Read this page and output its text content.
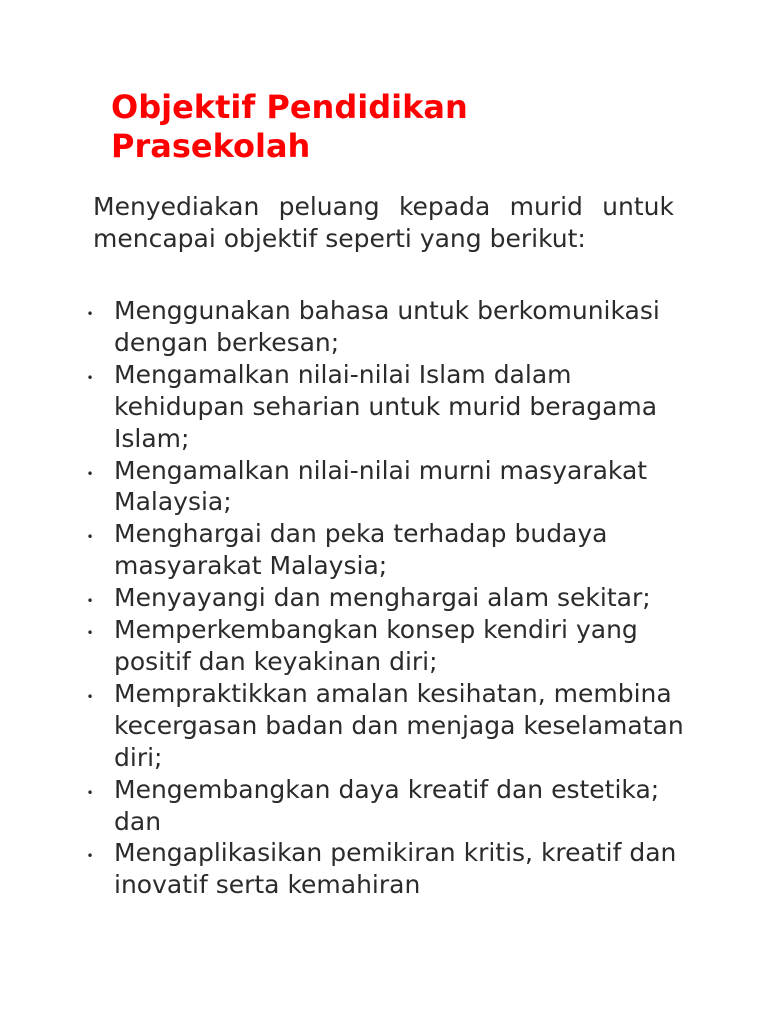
Objektif Pendidikan Prasekolah

Menyediakan peluang kepada murid untuk mencapai objektif seperti yang berikut:

• Menggunakan bahasa untuk berkomunikasi dengan berkesan;
• Mengamalkan nilai-nilai Islam dalam kehidupan seharian untuk murid beragama Islam;
• Mengamalkan nilai-nilai murni masyarakat Malaysia;
• Menghargai dan peka terhadap budaya masyarakat Malaysia;
• Menyayangi dan menghargai alam sekitar;
• Memperkembangkan konsep kendiri yang positif dan keyakinan diri;
• Mempraktikkan amalan kesihatan, membina kecergasan badan dan menjaga keselamatan diri;
• Mengembangkan daya kreatif dan estetika; dan
• Mengaplikasikan pemikiran kritis, kreatif dan inovatif serta kemahiran
